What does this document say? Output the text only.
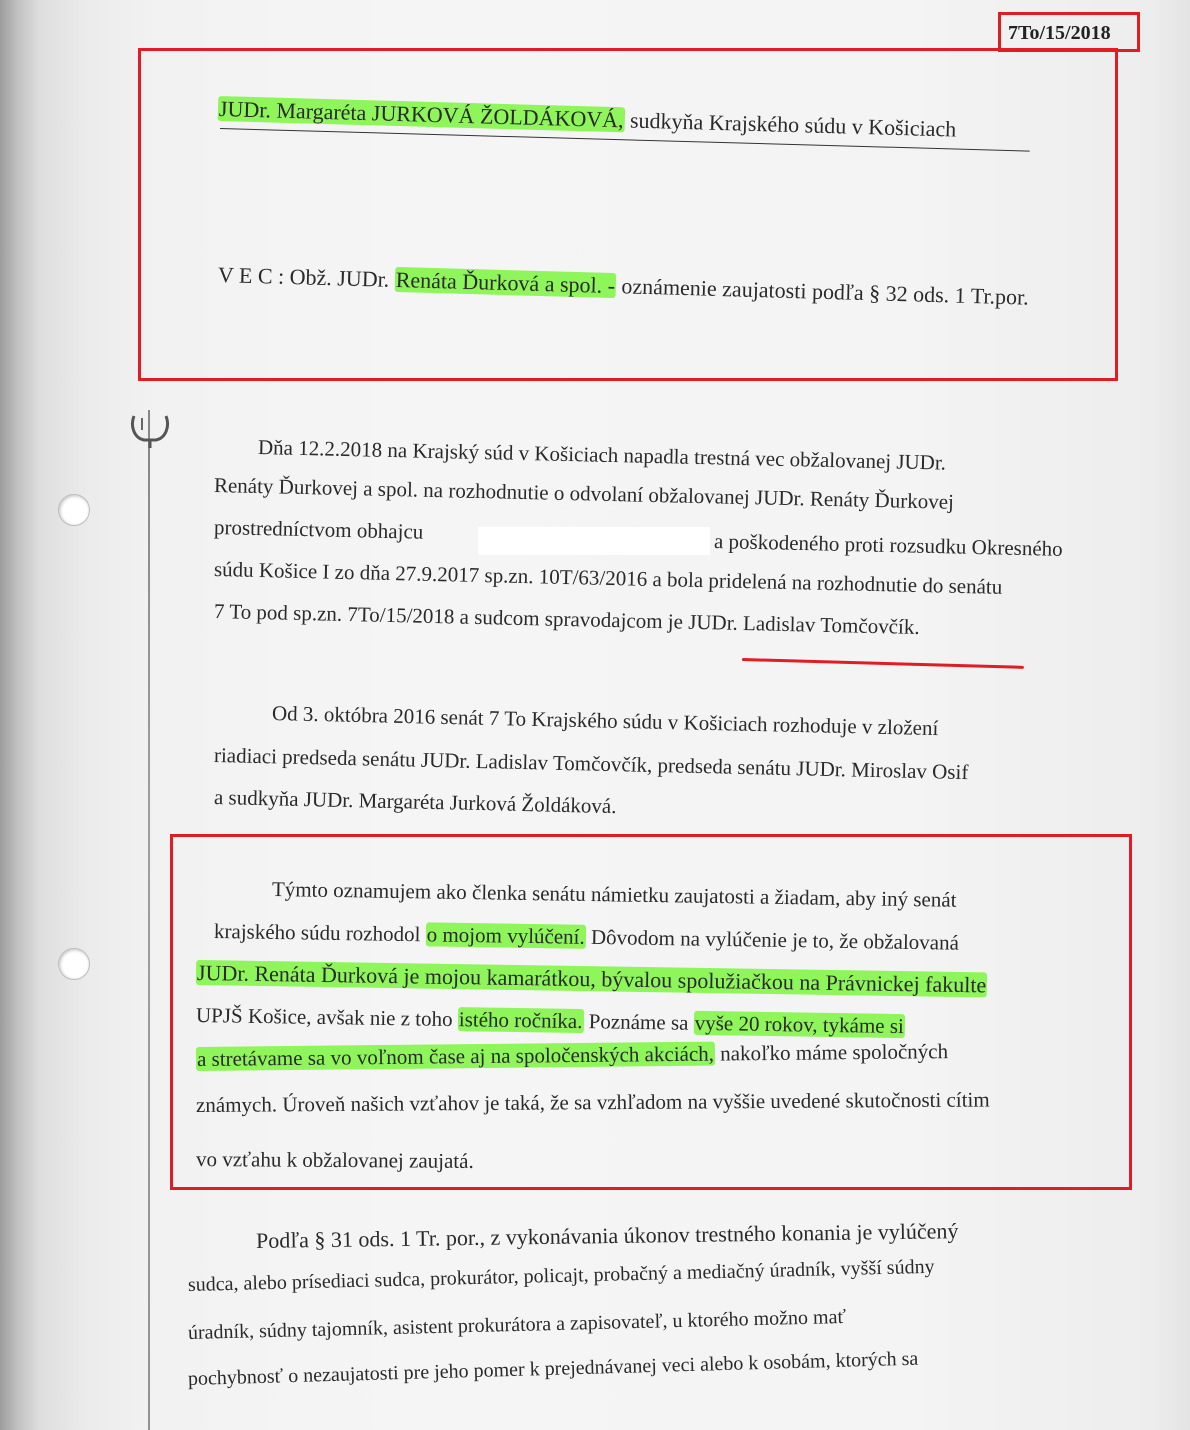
7To/15/2018
JUDr. Margaréta JURKOVÁ ŽOLDÁKOVÁ, sudkyňa Krajského súdu v Košiciach
V E C : Obž. JUDr. Renáta Ďurková a spol. - oznámenie zaujatosti podľa § 32 ods. 1 Tr.por.
Dňa 12.2.2018 na Krajský súd v Košiciach napadla trestná vec obžalovanej JUDr.
Renáty Ďurkovej a spol. na rozhodnutie o odvolaní obžalovanej JUDr. Renáty Ďurkovej
prostredníctvom obhajcu	a poškodeného proti rozsudku Okresného
súdu Košice I zo dňa 27.9.2017 sp.zn. 10T/63/2016 a bola pridelená na rozhodnutie do senátu
7 To pod sp.zn. 7To/15/2018 a sudcom spravodajcom je JUDr. Ladislav Tomčovčík.
Od 3. októbra 2016 senát 7 To Krajského súdu v Košiciach rozhoduje v zložení
riadiaci predseda senátu JUDr. Ladislav Tomčovčík, predseda senátu JUDr. Miroslav Osif
a sudkyňa JUDr. Margaréta Jurková Žoldáková.
Týmto oznamujem ako členka senátu námietku zaujatosti a žiadam, aby iný senát
krajského súdu rozhodol o mojom vylúčení. Dôvodom na vylúčenie je to, že obžalovaná
JUDr. Renáta Ďurková je mojou kamarátkou, bývalou spolužiačkou na Právnickej fakulte
UPJŠ Košice, avšak nie z toho istého ročníka. Poznáme sa vyše 20 rokov, tykáme si
a stretávame sa vo voľnom čase aj na spoločenských akciách, nakoľko máme spoločných
známych. Úroveň našich vzťahov je taká, že sa vzhľadom na vyššie uvedené skutočnosti cítim
vo vzťahu k obžalovanej zaujatá.
Podľa § 31 ods. 1 Tr. por., z vykonávania úkonov trestného konania je vylúčený
sudca, alebo prísediaci sudca, prokurátor, policajt, probačný a mediačný úradník, vyšší súdny
úradník, súdny tajomník, asistent prokurátora a zapisovateľ, u ktorého možno mať
pochybnosť o nezaujatosti pre jeho pomer k prejednávanej veci alebo k osobám, ktorých sa
